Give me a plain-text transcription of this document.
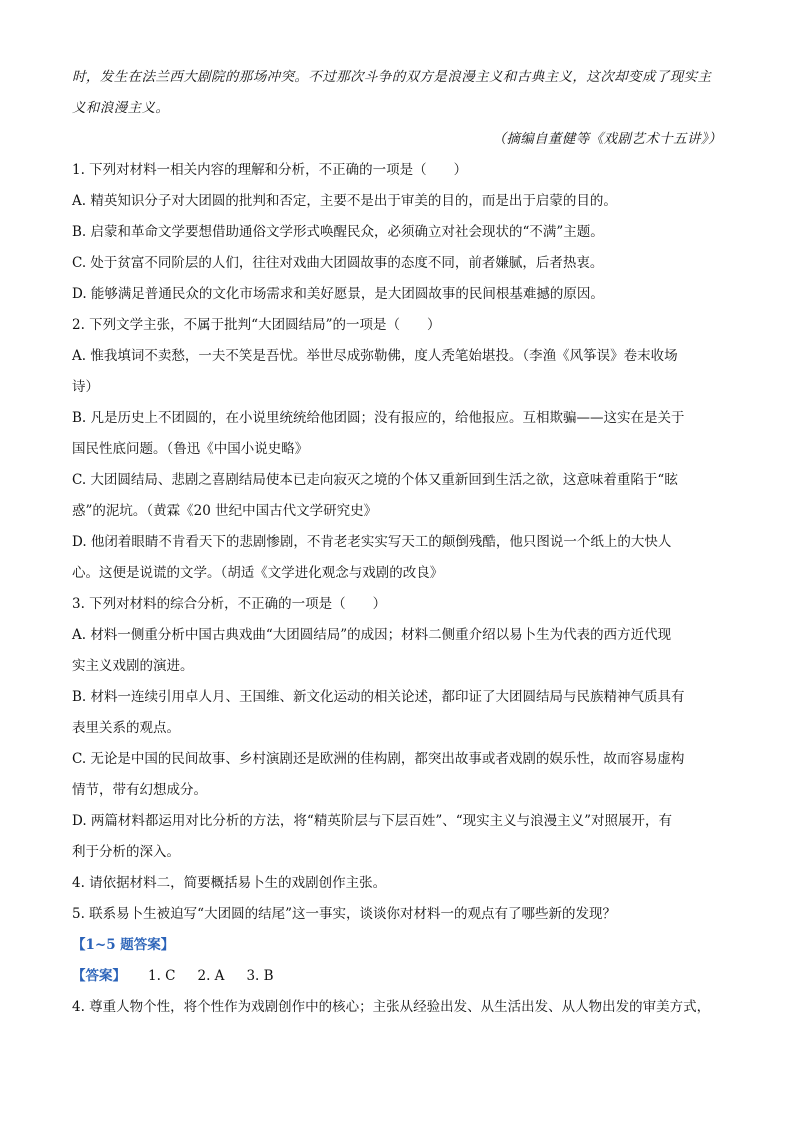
时，发生在法兰西大剧院的那场冲突。不过那次斗争的双方是浪漫主义和古典主义，这次却变成了现实主
义和浪漫主义。
（摘编自董健等《戏剧艺术十五讲》）
1. 下列对材料一相关内容的理解和分析，不正确的一项是（　　）
A. 精英知识分子对大团圆的批判和否定，主要不是出于审美的目的，而是出于启蒙的目的。
B. 启蒙和革命文学要想借助通俗文学形式唤醒民众，必须确立对社会现状的“不满”主题。
C. 处于贫富不同阶层的人们，往往对戏曲大团圆故事的态度不同，前者嫌腻，后者热衷。
D. 能够满足普通民众的文化市场需求和美好愿景，是大团圆故事的民间根基难撼的原因。
2. 下列文学主张，不属于批判“大团圆结局”的一项是（　　）
A. 惟我填词不卖愁，一夫不笑是吾忧。举世尽成弥勒佛，度人秃笔始堪投。（李渔《风筝误》卷末收场
诗）
B. 凡是历史上不团圆的，在小说里统统给他团圆；没有报应的，给他报应。互相欺骗——这实在是关于
国民性底问题。（鲁迅《中国小说史略》
C. 大团圆结局、悲剧之喜剧结局使本已走向寂灭之境的个体又重新回到生活之欲，这意味着重陷于“眩
惑”的泥坑。（黄霖《20 世纪中国古代文学研究史》
D. 他闭着眼睛不肯看天下的悲剧惨剧，不肯老老实实写天工的颠倒残酷，他只图说一个纸上的大快人
心。这便是说谎的文学。（胡适《文学进化观念与戏剧的改良》
3. 下列对材料的综合分析，不正确的一项是（　　）
A. 材料一侧重分析中国古典戏曲“大团圆结局”的成因；材料二侧重介绍以易卜生为代表的西方近代现
实主义戏剧的演进。
B. 材料一连续引用卓人月、王国维、新文化运动的相关论述，都印证了大团圆结局与民族精神气质具有
表里关系的观点。
C. 无论是中国的民间故事、乡村演剧还是欧洲的佳构剧，都突出故事或者戏剧的娱乐性，故而容易虚构
情节，带有幻想成分。
D. 两篇材料都运用对比分析的方法，将“精英阶层与下层百姓”、“现实主义与浪漫主义”对照展开，有
利于分析的深入。
4. 请依据材料二，简要概括易卜生的戏剧创作主张。
5. 联系易卜生被迫写“大团圆的结尾”这一事实，谈谈你对材料一的观点有了哪些新的发现？
【1~5 题答案】
【答案】 1. C 2. A 3. B
4. 尊重人物个性，将个性作为戏剧创作中的核心；主张从经验出发、从生活出发、从人物出发的审美方式，
